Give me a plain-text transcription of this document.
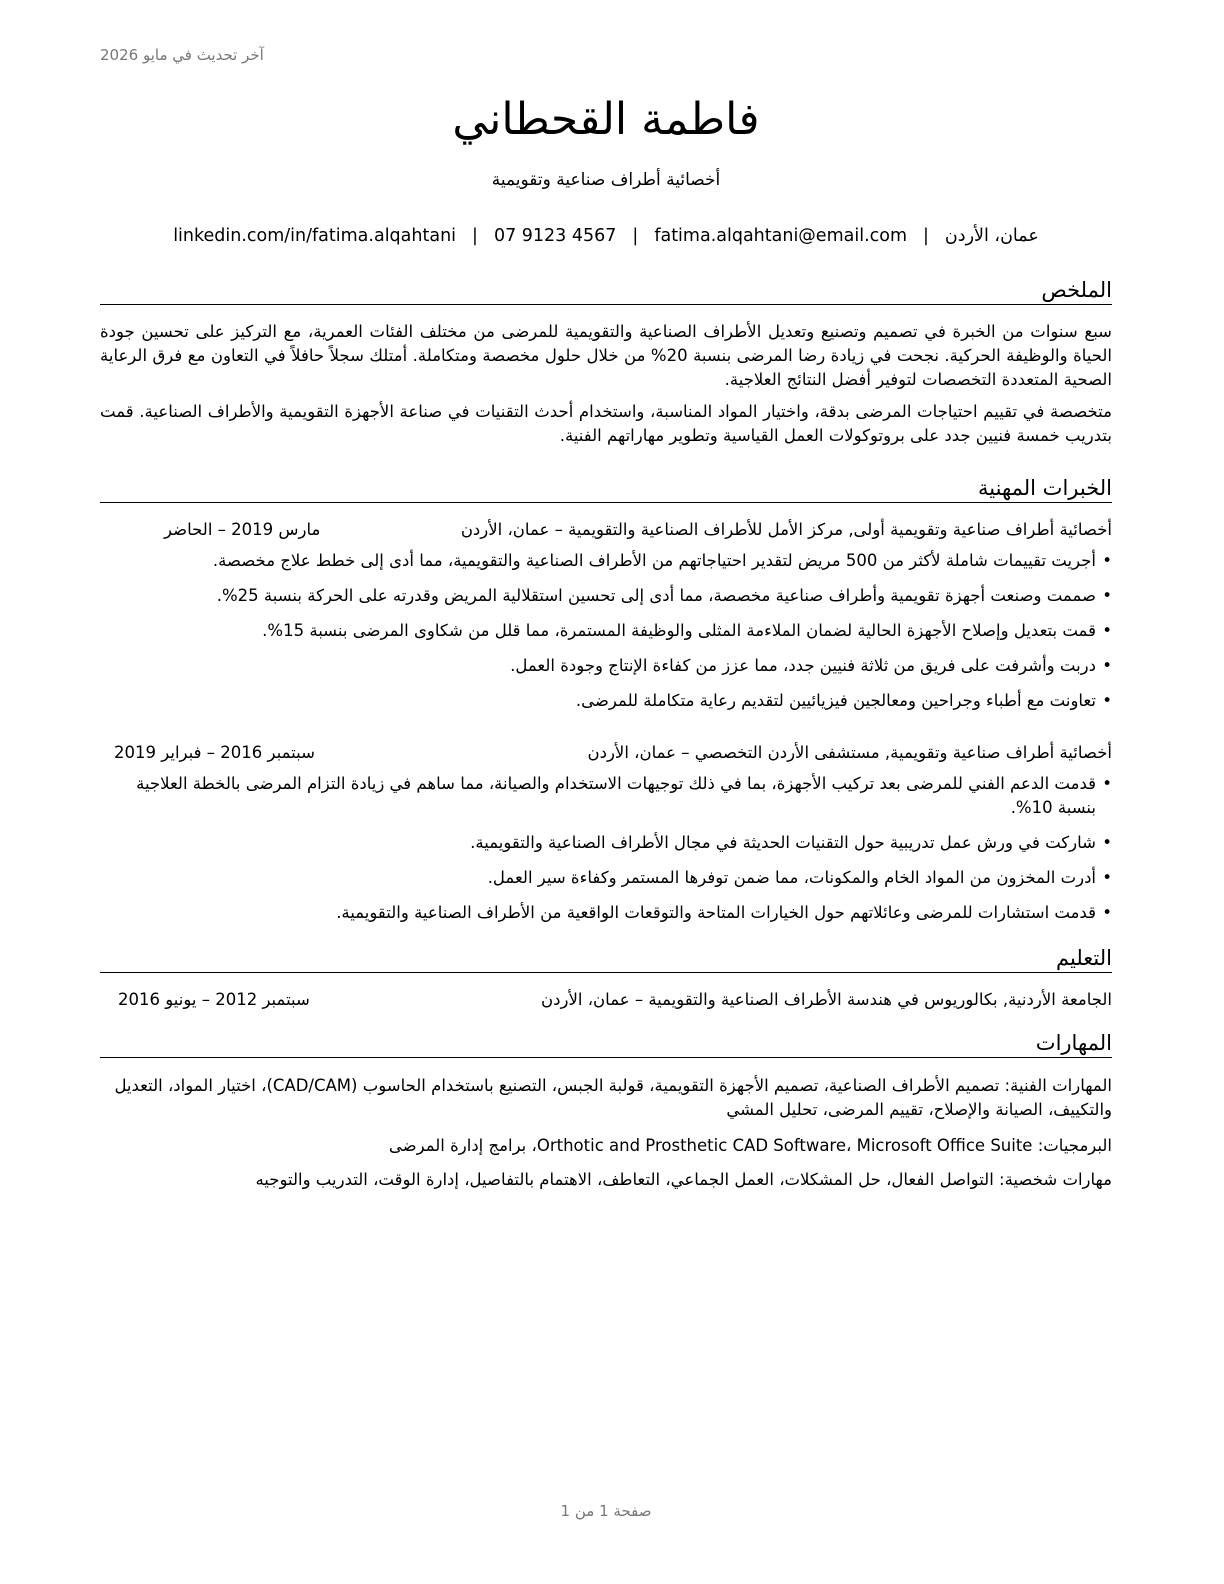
آخر تحديث في مايو 2026
فاطمة القحطاني
أخصائية أطراف صناعية وتقويمية
عمان، الأردن
|
fatima.alqahtani@email.com
|
07 9123 4567
|
linkedin.com/in/fatima.alqahtani
الملخص

سبع سنوات من الخبرة في تصميم وتصنيع وتعديل الأطراف الصناعية والتقويمية للمرضى من مختلف الفئات العمرية، مع التركيز على تحسين جودة الحياة والوظيفة الحركية. نجحت في زيادة رضا المرضى بنسبة 20% من خلال حلول مخصصة ومتكاملة. أمتلك سجلاً حافلاً في التعاون مع فرق الرعاية الصحية المتعددة التخصصات لتوفير أفضل النتائج العلاجية.

متخصصة في تقييم احتياجات المرضى بدقة، واختيار المواد المناسبة، واستخدام أحدث التقنيات في صناعة الأجهزة التقويمية والأطراف الصناعية. قمت بتدريب خمسة فنيين جدد على بروتوكولات العمل القياسية وتطوير مهاراتهم الفنية.

الخبرات المهنية
أخصائية أطراف صناعية وتقويمية أولى, مركز الأمل للأطراف الصناعية والتقويمية – عمان، الأردن
مارس 2019 – الحاضر
•
أجريت تقييمات شاملة لأكثر من 500 مريض لتقدير احتياجاتهم من الأطراف الصناعية والتقويمية، مما أدى إلى خطط علاج مخصصة.
•
صممت وصنعت أجهزة تقويمية وأطراف صناعية مخصصة، مما أدى إلى تحسين استقلالية المريض وقدرته على الحركة بنسبة 25%.
•
قمت بتعديل وإصلاح الأجهزة الحالية لضمان الملاءمة المثلى والوظيفة المستمرة، مما قلل من شكاوى المرضى بنسبة 15%.
•
دربت وأشرفت على فريق من ثلاثة فنيين جدد، مما عزز من كفاءة الإنتاج وجودة العمل.
•
تعاونت مع أطباء وجراحين ومعالجين فيزيائيين لتقديم رعاية متكاملة للمرضى.
أخصائية أطراف صناعية وتقويمية, مستشفى الأردن التخصصي – عمان، الأردن
سبتمبر 2016 – فبراير 2019
•
قدمت الدعم الفني للمرضى بعد تركيب الأجهزة، بما في ذلك توجيهات الاستخدام والصيانة، مما ساهم في زيادة التزام المرضى بالخطة العلاجية بنسبة 10%.
•
شاركت في ورش عمل تدريبية حول التقنيات الحديثة في مجال الأطراف الصناعية والتقويمية.
•
أدرت المخزون من المواد الخام والمكونات، مما ضمن توفرها المستمر وكفاءة سير العمل.
•
قدمت استشارات للمرضى وعائلاتهم حول الخيارات المتاحة والتوقعات الواقعية من الأطراف الصناعية والتقويمية.
التعليم
الجامعة الأردنية, بكالوريوس في هندسة الأطراف الصناعية والتقويمية – عمان، الأردن
سبتمبر 2012 – يونيو 2016
المهارات
المهارات الفنية: تصميم الأطراف الصناعية، تصميم الأجهزة التقويمية، قولبة الجبس، التصنيع باستخدام الحاسوب (CAD/CAM)، اختيار المواد، التعديل والتكييف، الصيانة والإصلاح، تقييم المرضى، تحليل المشي
البرمجيات: Orthotic and Prosthetic CAD Software، Microsoft Office Suite، برامج إدارة المرضى
مهارات شخصية: التواصل الفعال، حل المشكلات، العمل الجماعي، التعاطف، الاهتمام بالتفاصيل، إدارة الوقت، التدريب والتوجيه
صفحة 1 من 1
